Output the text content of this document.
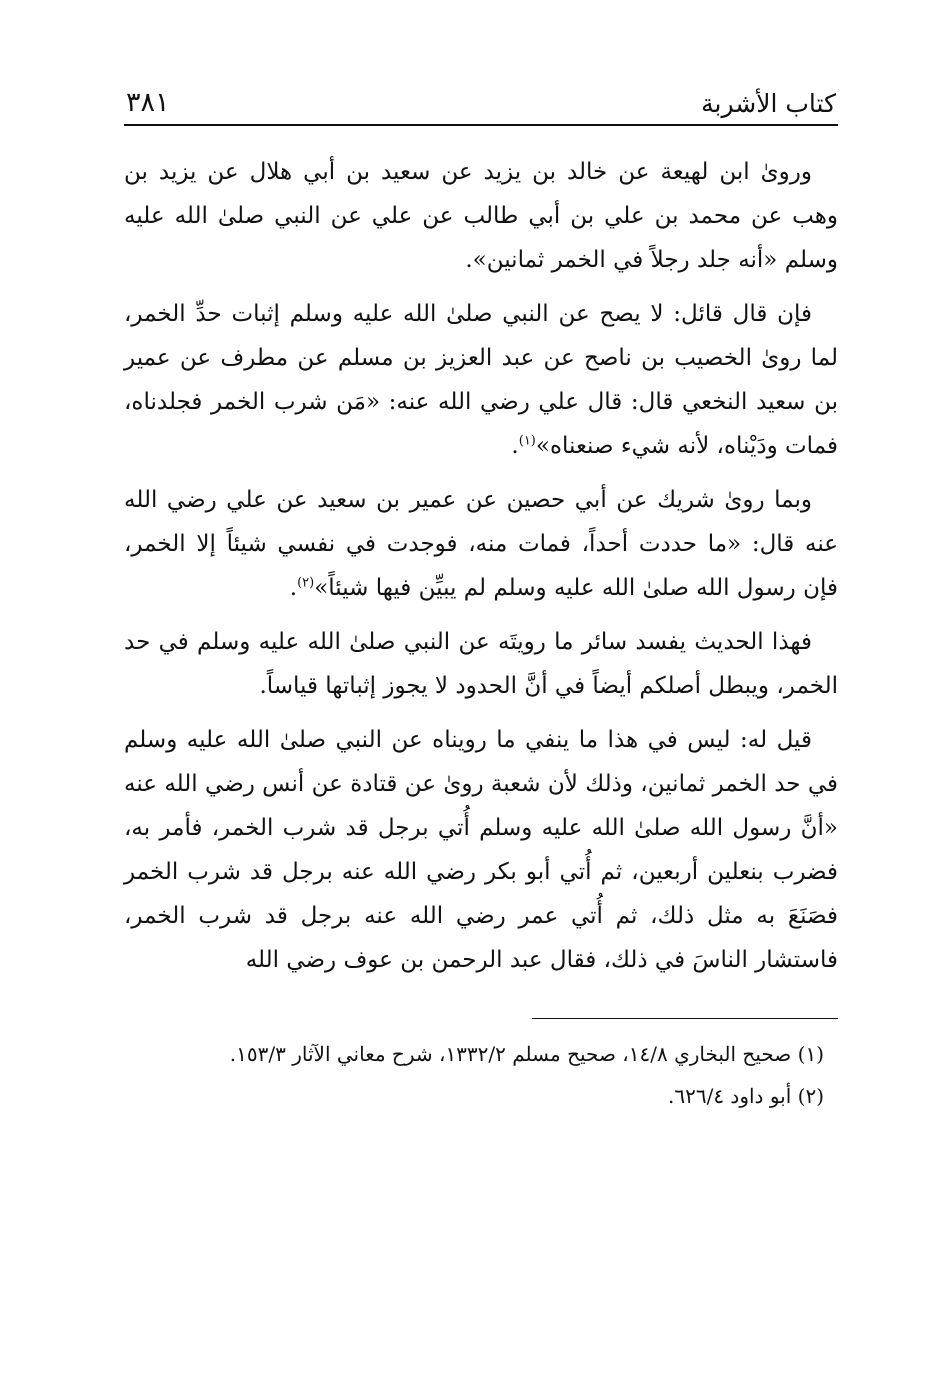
كتاب الأشربة
٣٨١

ورویٰ ابن لهيعة عن خالد بن يزيد عن سعيد بن أبي هلال عن يزيد بن وهب عن محمد بن علي بن أبي طالب عن علي عن النبي صلىٰ الله عليه وسلم «أنه جلد رجلاً في الخمر ثمانين».

فإن قال قائل: لا يصح عن النبي صلىٰ الله عليه وسلم إثبات حدِّ الخمر، لما رویٰ الخصيب بن ناصح عن عبد العزيز بن مسلم عن مطرف عن عمير بن سعيد النخعي قال: قال علي رضي الله عنه: «مَن شرب الخمر فجلدناه، فمات ودَيْناه، لأنه شيء صنعناه»$^{(١)}$.

وبما رویٰ شريك عن أبي حصين عن عمير بن سعيد عن علي رضي الله عنه قال: «ما حددت أحداً، فمات منه، فوجدت في نفسي شيئاً إلا الخمر، فإن رسول الله صلىٰ الله عليه وسلم لم يبيِّن فيها شيئاً»$^{(٢)}$.

فهذا الحديث يفسد سائر ما رويتَه عن النبي صلىٰ الله عليه وسلم في حد الخمر، ويبطل أصلكم أيضاً في أنَّ الحدود لا يجوز إثباتها قياساً.

قيل له: ليس في هذا ما ينفي ما رويناه عن النبي صلىٰ الله عليه وسلم في حد الخمر ثمانين، وذلك لأن شعبة رویٰ عن قتادة عن أنس رضي الله عنه «أنَّ رسول الله صلىٰ الله عليه وسلم أُتي برجل قد شرب الخمر، فأمر به، فضرب بنعلين أربعين، ثم أُتي أبو بكر رضي الله عنه برجل قد شرب الخمر فصَنَعَ به مثل ذلك، ثم أُتي عمر رضي الله عنه برجل قد شرب الخمر، فاستشار الناسَ في ذلك، فقال عبد الرحمن بن عوف رضي الله

(١) صحيح البخاري ١٤/٨، صحيح مسلم ١٣٣٢/٢، شرح معاني الآثار ١٥٣/٣.

(٢) أبو داود ٦٢٦/٤.
